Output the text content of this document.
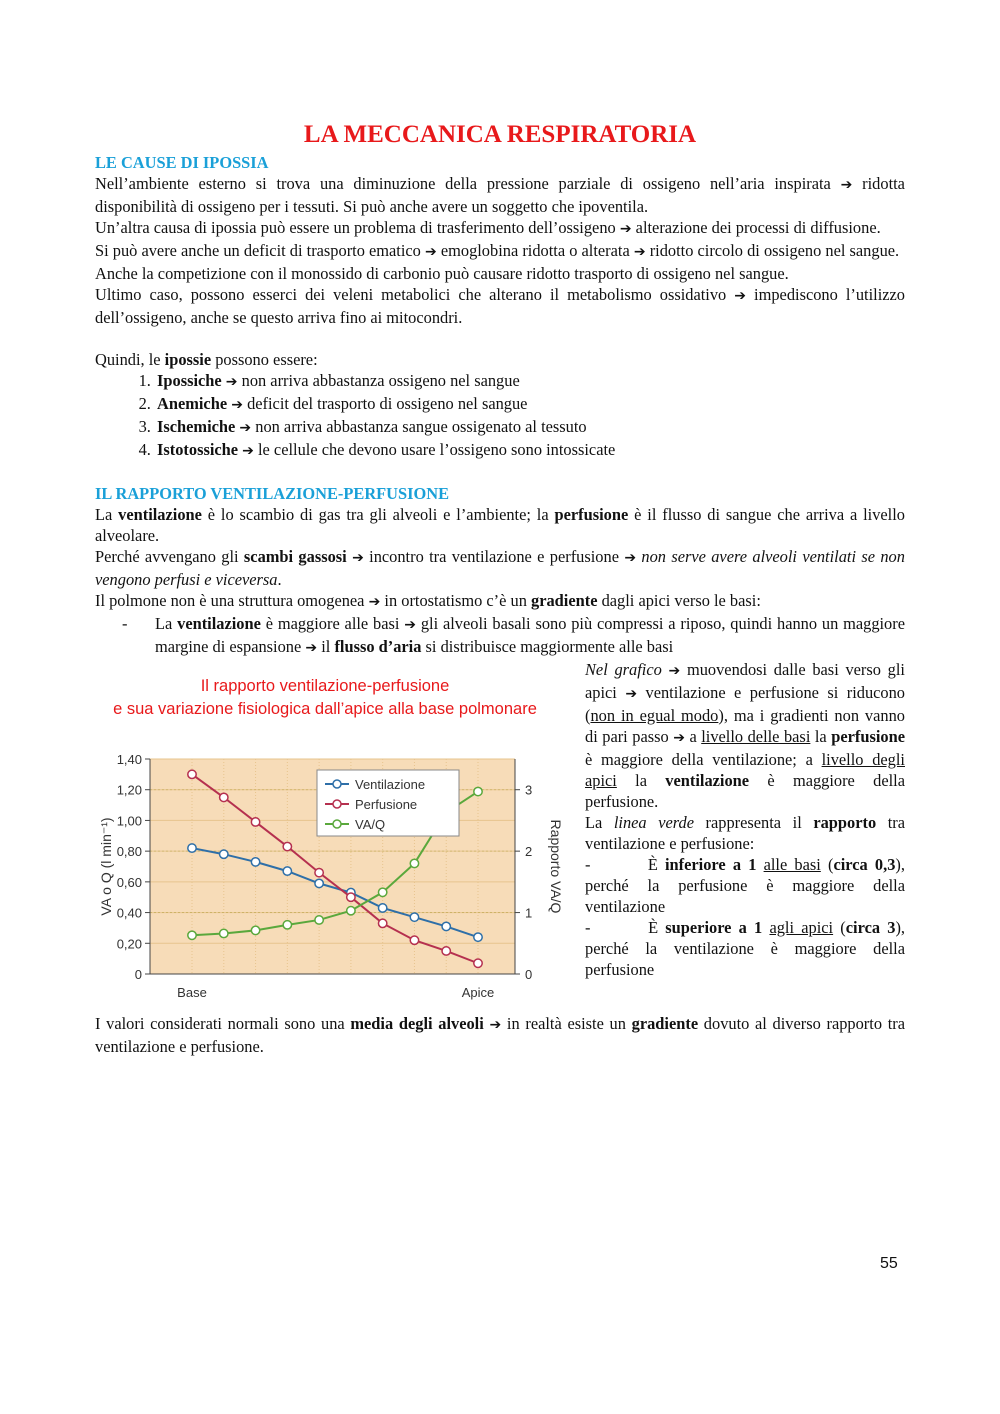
LA MECCANICA RESPIRATORIA
LE CAUSE DI IPOSSIA

Nell’ambiente esterno si trova una diminuzione della pressione parziale di ossigeno nell’aria inspirata ➔ ridotta disponibilità di ossigeno per i tessuti. Si può anche avere un soggetto che ipoventila.

Un’altra causa di ipossia può essere un problema di trasferimento dell’ossigeno ➔ alterazione dei processi di diffusione.

Si può avere anche un deficit di trasporto ematico ➔ emoglobina ridotta o alterata ➔ ridotto circolo di ossigeno nel sangue.

Anche la competizione con il monossido di carbonio può causare ridotto trasporto di ossigeno nel sangue.

Ultimo caso, possono esserci dei veleni metabolici che alterano il metabolismo ossidativo ➔ impediscono l’utilizzo dell’ossigeno, anche se questo arriva fino ai mitocondri.

Quindi, le ipossie possono essere:

1. Ipossiche ➔ non arriva abbastanza ossigeno nel sangue
2. Anemiche ➔ deficit del trasporto di ossigeno nel sangue
3. Ischemiche ➔ non arriva abbastanza sangue ossigenato al tessuto
4. Istotossiche ➔ le cellule che devono usare l’ossigeno sono intossicate
IL RAPPORTO VENTILAZIONE-PERFUSIONE

La ventilazione è lo scambio di gas tra gli alveoli e l’ambiente; la perfusione è il flusso di sangue che arriva a livello alveolare.

Perché avvengano gli scambi gassosi ➔ incontro tra ventilazione e perfusione ➔ non serve avere alveoli ventilati se non vengono perfusi e viceversa.

Il polmone non è una struttura omogenea ➔ in ortostatismo c’è un gradiente dagli apici verso le basi:

- La ventilazione è maggiore alle basi ➔ gli alveoli basali sono più compressi a riposo, quindi hanno un maggiore margine di espansione ➔ il flusso d’aria si distribuisce maggiormente alle basi
Il rapporto ventilazione-perfusione
e sua variazione fisiologica dall’apice alla base polmonare
0
0,20
0,40
0,60
0,80
1,00
1,20
1,40
0
1
2
3
Base	Apice
VA o Q (l min⁻¹)	Rapporto VA/Q
Ventilazione
Perfusione
VA/Q

Nel grafico ➔ muovendosi dalle basi verso gli apici ➔ ventilazione e perfusione si riducono (non in egual modo), ma i gradienti non vanno di pari passo ➔ a livello delle basi la perfusione è maggiore della ventilazione; a livello degli apici la ventilazione è maggiore della perfusione.

La linea verde rappresenta il rapporto tra ventilazione e perfusione:

-        È inferiore a 1 alle basi (circa 0,3), perché la perfusione è maggiore della ventilazione

-        È superiore a 1 agli apici (circa 3), perché la ventilazione è maggiore della perfusione

I valori considerati normali sono una media degli alveoli ➔ in realtà esiste un gradiente dovuto al diverso rapporto tra ventilazione e perfusione.

55
